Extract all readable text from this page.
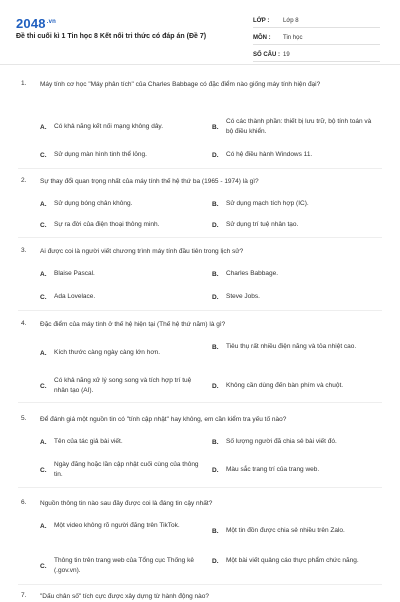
$2048^{.vn}$
Đề thi cuối kì 1 Tin học 8 Kết nối tri thức có đáp án (Đề 7)
LỚP :	Lớp 8
MÔN :	Tin học
SỐ CÂU : 19
1. Máy tính cơ học "Máy phân tích" của Charles Babbage có đặc điểm nào giống máy tính hiện đại?
A.	Có khả năng kết nối mạng không dây.	B.
Có các thành phần: thiết bị lưu trữ, bộ tính toán và bộ điều khiển.
C.	Sử dụng màn hình tinh thể lỏng.	D.	Có hệ điều hành Windows 11.
2. Sự thay đổi quan trọng nhất của máy tính thế hệ thứ ba (1965 - 1974) là gì?
A.	Sử dụng bóng chân không.	B.	Sử dụng mạch tích hợp (IC).
C.	Sự ra đời của điện thoại thông minh.	D.	Sử dụng trí tuệ nhân tạo.
3. Ai được coi là người viết chương trình máy tính đầu tiên trong lịch sử?
A.	Blaise Pascal.	B.	Charles Babbage.
C.	Ada Lovelace.	D.	Steve Jobs.
4. Đặc điểm của máy tính ở thế hệ hiện tại (Thế hệ thứ năm) là gì?
A.	Kích thước càng ngày càng lớn hơn.
B.	Tiêu thụ rất nhiều điện năng và tỏa nhiệt cao.
C.
Có khả năng xử lý song song và tích hợp trí tuệ nhân tạo (AI).
D.	Không cần dùng đến bàn phím và chuột.
5. Để đánh giá một nguồn tin có "tính cập nhật" hay không, em cần kiểm tra yếu tố nào?
A.	Tên của tác giả bài viết.	B.	Số lượng người đã chia sẻ bài viết đó.
C.
Ngày đăng hoặc lần cập nhật cuối cùng của thông tin.
D.	Màu sắc trang trí của trang web.
6. Nguồn thông tin nào sau đây được coi là đáng tin cậy nhất?
A.	Một video không rõ người đăng trên TikTok.
B.	Một tin đồn được chia sẻ nhiều trên Zalo.
C.
Thông tin trên trang web của Tổng cục Thống kê (.gov.vn).
D.	Một bài viết quảng cáo thực phẩm chức năng.
7. "Dấu chân số" tích cực được xây dựng từ hành động nào?
